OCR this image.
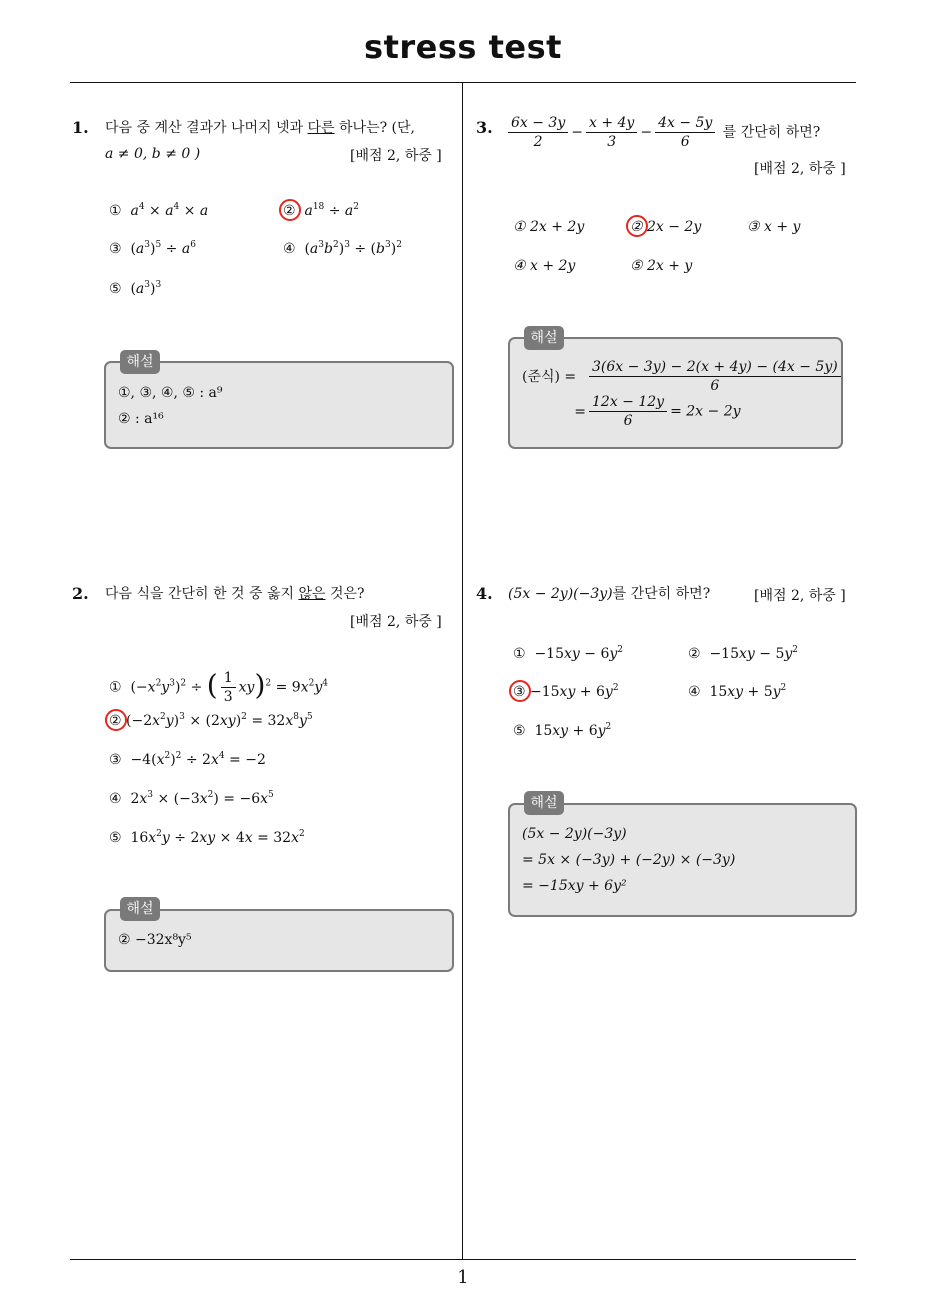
stress test
1. 다음 중 계산 결과가 나머지 넷과 다른 하나는? (단,
a ≠ 0, b ≠ 0 )	[배점 2, 하중 ]
①  $a^4 \times a^4 \times a$	②  $a^{18} \div a^2$
③  $(a^3)^5 \div a^6$	④  $(a^3b^2)^3 \div (b^3)^2$
⑤  $(a^3)^3$
해설
①, ③, ④, ⑤ : a⁹
② : a¹⁶
2. 다음 식을 간단히 한 것 중 옳지 않은 것은?
[배점 2, 하중 ]
①  $(-x^2y^3)^2$ ÷ ( $\frac{1}{3} xy)^2 = 9x^2y^4$
② $(-2x^2y)^3 \times (2xy)^2 = 32x^8y^5$
③  $-4(x^2)^2 \div 2x^4 = -2$
④  $2x^3 \times (-3x^2) = -6x^5$
⑤  $16x^2y \div 2xy \times 4x = 32x^2$
해설
② −32x⁸y⁵
3. $\frac{6x - 3y}{2} - \frac{x + 4y}{3} - \frac{4x - 5y}{6}$ 를 간단히 하면?
[배점 2, 하중 ]
① 2x + 2y	② 2x − 2y	③ x + y
④ x + 2y	⑤ 2x + y
해설
(준식) = $\frac{3(6x - 3y) - 2(x + 4y) - (4x - 5y)}{6}$
= $\frac{12x - 12y}{6} = 2x - 2y$
4. (5x − 2y)(−3y)를 간단히 하면?	[배점 2, 하중 ]
①  $-15xy - 6y^2$	②  $-15xy - 5y^2$
③ $-15xy + 6y^2$	④  $15xy + 5y^2$
⑤  $15xy + 6y^2$
해설
(5x − 2y)(−3y)
= 5x × (−3y) + (−2y) × (−3y)
= −15xy + 6y²
1
